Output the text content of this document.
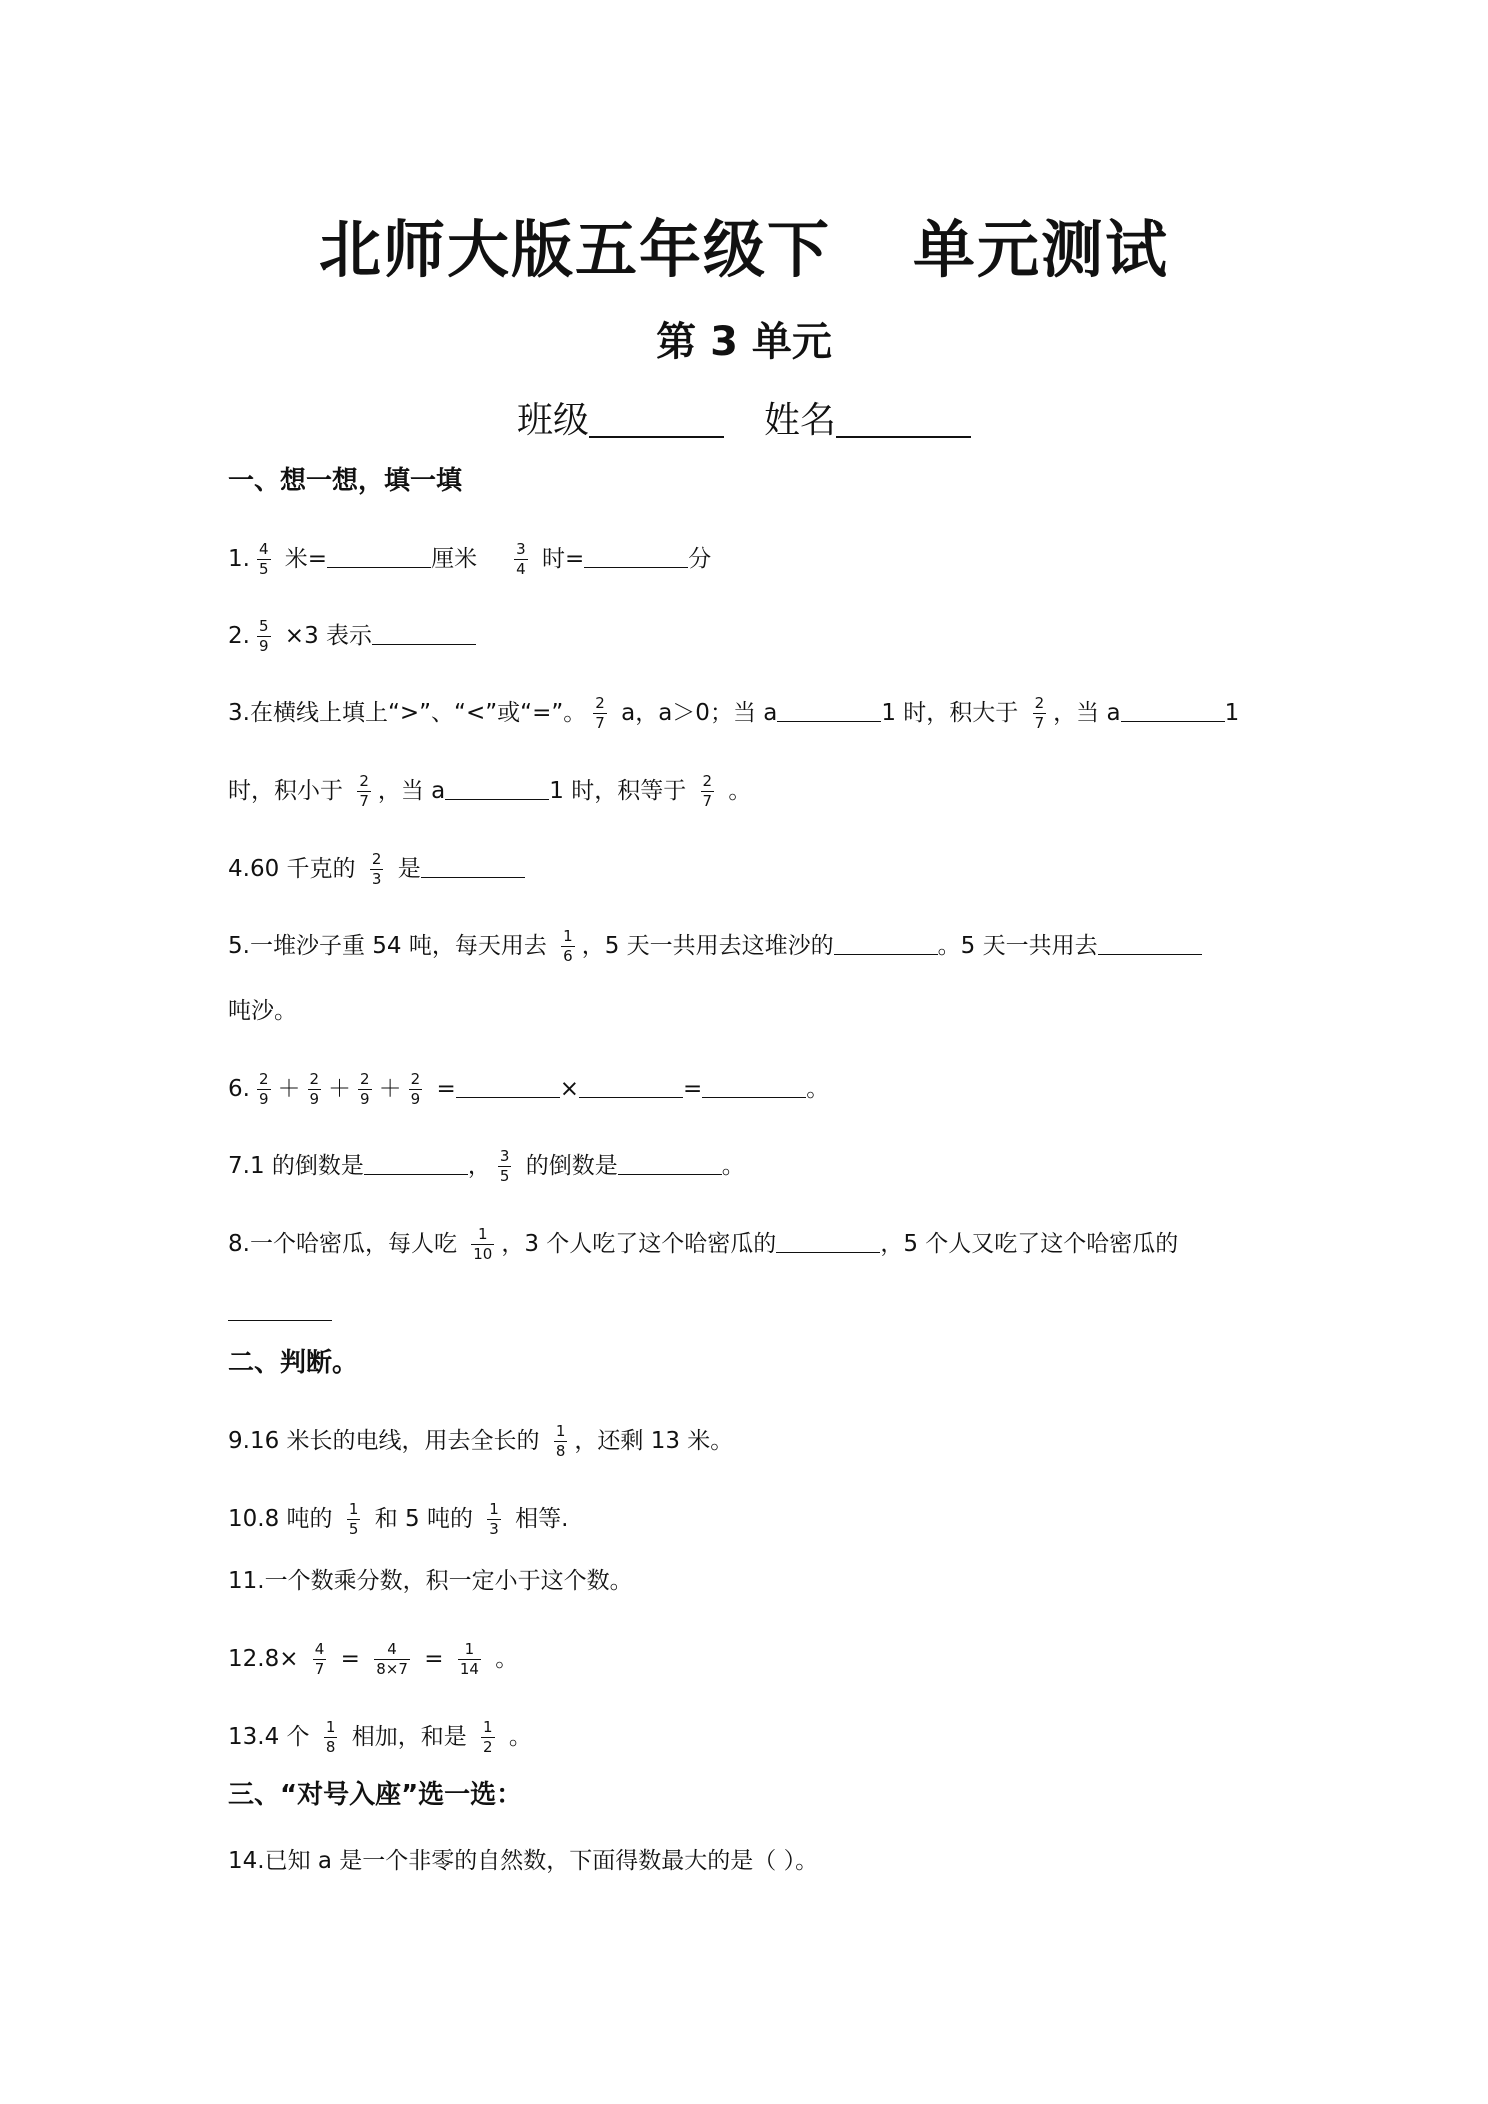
北师大版五年级下 单元测试
第 3 单元
班级	姓名
一、想一想，填一填
1. $\frac{4}{5}$ 米=	厘米 $\frac{3}{4}$ 时=	分
2. $\frac{5}{9} \times 3$ 表示
3.在横线上填上“>”、“<”或“=”。 $\frac{2}{7}$ a，a＞0；当 a	1 时，积大于 $\frac{2}{7}$ ，当 a	1
时，积小于 $\frac{2}{7}$ ，当 a	1 时，积等于 $\frac{2}{7}$ 。
4.60 千克的 $\frac{2}{3}$ 是
5.一堆沙子重 54 吨，每天用去 $\frac{1}{6}$ ，5 天一共用去这堆沙的	。5 天一共用去
吨沙。
6. $\frac{2}{9} + \frac{2}{9} + \frac{2}{9} + \frac{2}{9}$ =	×	=	。
7.1 的倒数是	， $\frac{3}{5}$ 的倒数是	。
8.一个哈密瓜，每人吃 $\frac{1}{10}$ ，3 个人吃了这个哈密瓜的	，5 个人又吃了这个哈密瓜的
二、判断。
9.16 米长的电线，用去全长的 $\frac{1}{8}$ ，还剩 13 米。
10.8 吨的 $\frac{1}{5}$ 和 5 吨的 $\frac{1}{3}$ 相等.
11.一个数乘分数，积一定小于这个数。
$12.8\times \frac{4}{7} = \frac{4}{8\times 7} = \frac{1}{14}$ 。
13.4 个 $\frac{1}{8}$ 相加，和是 $\frac{1}{2}$ 。
三、“对号入座”选一选：
14.已知 a 是一个非零的自然数，下面得数最大的是（ ）。
